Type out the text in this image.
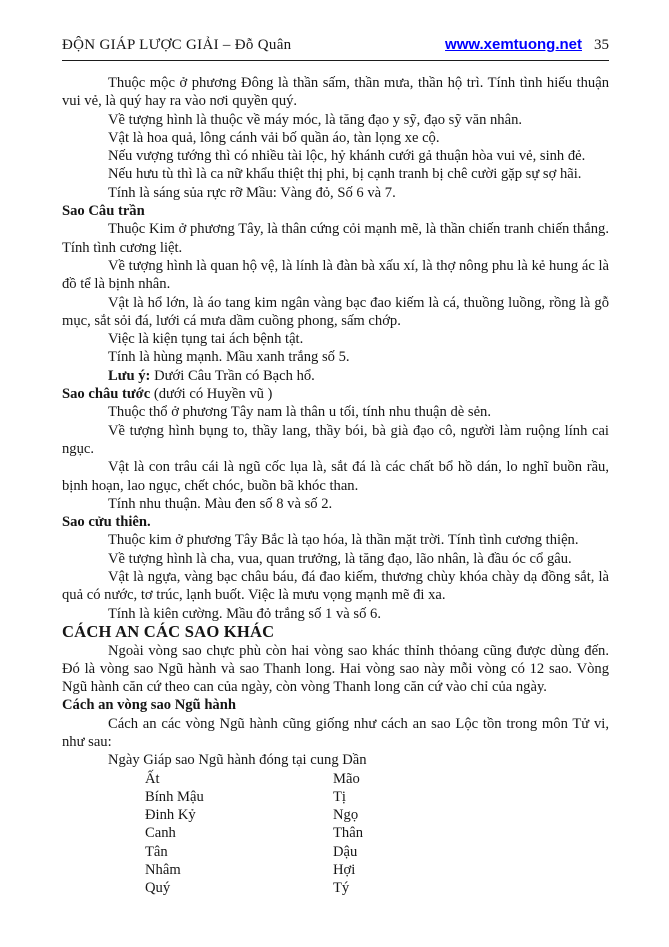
ĐỘN GIÁP LƯỢC GIẢI – Đỗ Quân	www.xemtuong.net 35

Thuộc mộc ở phương Đông là thần sấm, thần mưa, thần hộ trì. Tính tình hiếu thuận vui vẻ, là quý hay ra vào nơi quyền quý.

Về tượng hình là thuộc về máy móc, là tăng đạo y sỹ, đạo sỹ văn nhân.

Vật là hoa quả, lông cánh vải bố quần áo, tàn lọng xe cộ.

Nếu vượng tướng thì có nhiều tài lộc, hỷ khánh cưới gả thuận hòa vui vẻ, sinh đẻ.

Nếu hưu tù thì là ca nữ khẩu thiệt thị phi, bị cạnh tranh bị chê cười gặp sự sợ hãi.

Tính là sáng sủa rực rỡ Mầu: Vàng đỏ, Số 6 và 7.

Sao Câu trần

Thuộc Kim ở phương Tây, là thân cứng cỏi mạnh mẽ, là thần chiến tranh chiến thắng. Tính tình cương liệt.

Về tượng hình là quan hộ vệ, là lính là đàn bà xấu xí, là thợ nông phu là kẻ hung ác là đồ tể là bịnh nhân.

Vật là hổ lớn, là áo tang kim ngân vàng bạc đao kiếm là cá, thuồng luồng, rồng là gỗ mục, sắt sỏi đá, lưới cá mưa dầm cuồng phong, sấm chớp.

Việc là kiện tụng tai ách bệnh tật.

Tính là hùng mạnh. Mầu xanh trắng số 5.

Lưu ý: Dưới Câu Trần có Bạch hổ.

Sao châu tước (dưới có Huyền vũ )

Thuộc thổ ở phương Tây nam là thân u tối, tính nhu thuận dè sẻn.

Về tượng hình bụng to, thầy lang, thầy bói, bà già đạo cô, người làm ruộng lính cai ngục.

Vật là con trâu cái là ngũ cốc lụa là, sắt đá là các chất bổ hồ dán, lo nghĩ buồn rầu, bịnh hoạn, lao ngục, chết chóc, buồn bã khóc than.

Tính nhu thuận. Màu đen số 8 và số 2.

Sao cửu thiên.

Thuộc kim ở phương Tây Bắc là tạo hóa, là thần mặt trời. Tính tình cương thiện.

Về tượng hình là cha, vua, quan trưởng, là tăng đạo, lão nhân, là đầu óc cổ gâu.

Vật là ngựa, vàng bạc châu báu, đá đao kiếm, thương chùy khóa chày dạ đồng sắt, là quả có nước, tơ trúc, lạnh buốt. Việc là mưu vọng mạnh mẽ đi xa.

Tính là kiên cường. Mầu đỏ trắng số 1 và số 6.

CÁCH AN CÁC SAO KHÁC

Ngoài vòng sao chực phù còn hai vòng sao khác thỉnh thỏang cũng được dùng đến. Đó là vòng sao Ngũ hành và sao Thanh long. Hai vòng sao này mỗi vòng có 12 sao. Vòng Ngũ hành căn cứ theo can của ngày, còn vòng Thanh long căn cứ vào chỉ của ngày.

Cách an vòng sao Ngũ hành

Cách an các vòng Ngũ hành cũng giống như cách an sao Lộc tồn trong môn Tử vi, như sau:

Ngày Giáp sao Ngũ hành đóng tại cung Dần

Ất	Mão
Bính Mậu	Tị
Đinh Kỷ	Ngọ
Canh	Thân
Tân	Dậu
Nhâm	Hợi
Quý	Tý
